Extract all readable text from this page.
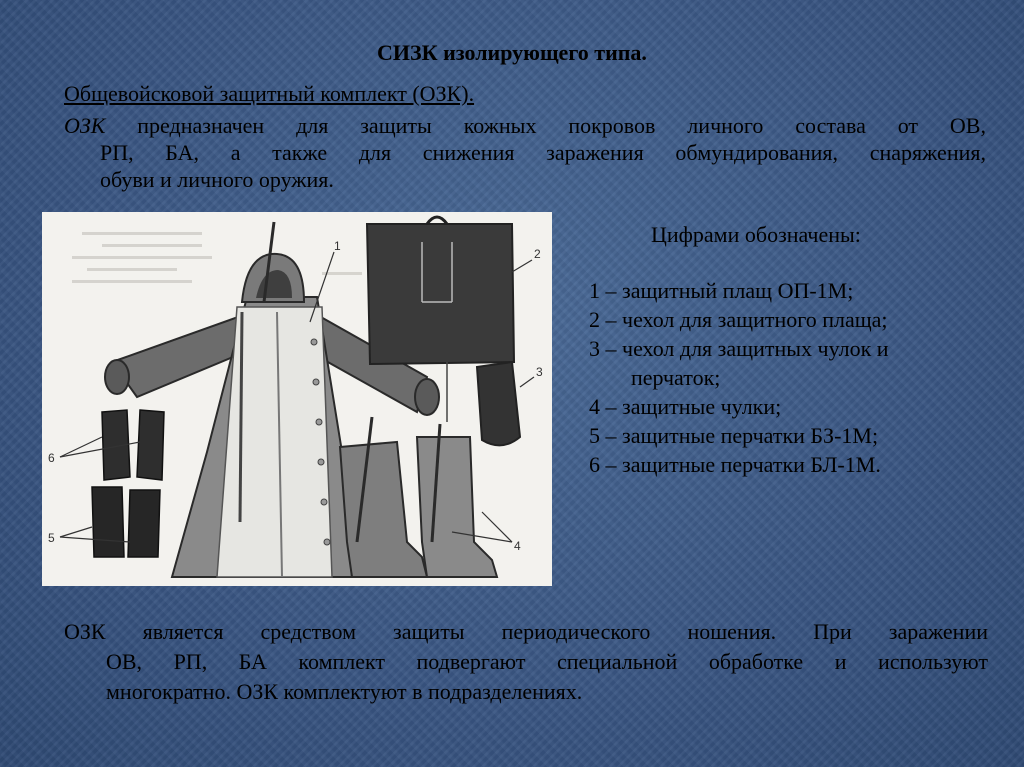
СИЗК изолирующего типа.
Общевойсковой защитный комплект (ОЗК).
ОЗК предназначен для защиты кожных покровов личного состава от ОВ,
РП, БА, а также для снижения заражения обмундирования, снаряжения,
обуви и личного оружия.
1
2
3
4
5
6
Цифрами обозначены:
1 – защитный плащ ОП-1М;
2 – чехол для защитного плаща;
3 – чехол для защитных чулок и
перчаток;
4 – защитные чулки;
5 – защитные перчатки БЗ-1М;
6 – защитные перчатки БЛ-1М.
ОЗК является средством защиты периодического ношения. При заражении
ОВ, РП, БА комплект подвергают специальной обработке и используют
многократно. ОЗК комплектуют в подразделениях.
